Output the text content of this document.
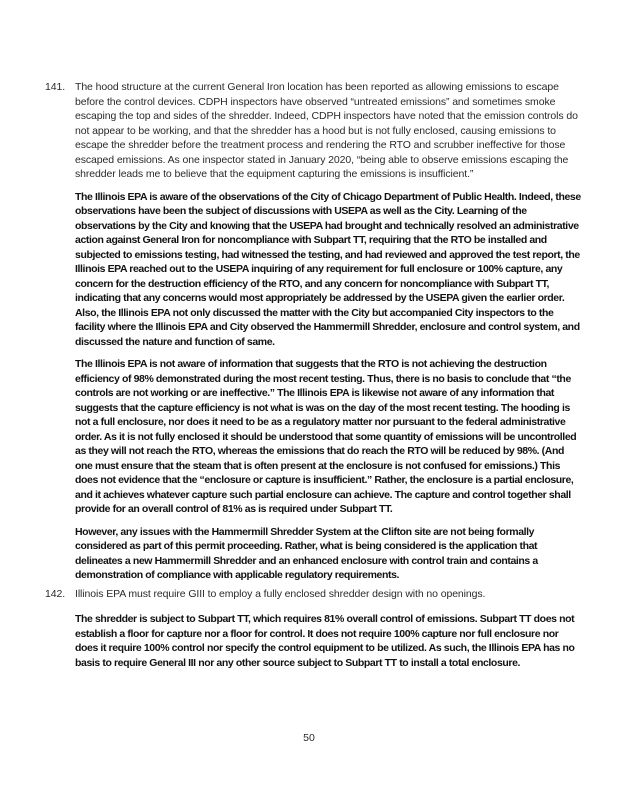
141. The hood structure at the current General Iron location has been reported as allowing emissions to escape before the control devices. CDPH inspectors have observed “untreated emissions” and sometimes smoke escaping the top and sides of the shredder. Indeed, CDPH inspectors have noted that the emission controls do not appear to be working, and that the shredder has a hood but is not fully enclosed, causing emissions to escape the shredder before the treatment process and rendering the RTO and scrubber ineffective for those escaped emissions. As one inspector stated in January 2020, “being able to observe emissions escaping the shredder leads me to believe that the equipment capturing the emissions is insufficient.”

The Illinois EPA is aware of the observations of the City of Chicago Department of Public Health. Indeed, these observations have been the subject of discussions with USEPA as well as the City. Learning of the observations by the City and knowing that the USEPA had brought and technically resolved an administrative action against General Iron for noncompliance with Subpart TT, requiring that the RTO be installed and subjected to emissions testing, had witnessed the testing, and had reviewed and approved the test report, the Illinois EPA reached out to the USEPA inquiring of any requirement for full enclosure or 100% capture, any concern for the destruction efficiency of the RTO, and any concern for noncompliance with Subpart TT, indicating that any concerns would most appropriately be addressed by the USEPA given the earlier order. Also, the Illinois EPA not only discussed the matter with the City but accompanied City inspectors to the facility where the Illinois EPA and City observed the Hammermill Shredder, enclosure and control system, and discussed the nature and function of same.

The Illinois EPA is not aware of information that suggests that the RTO is not achieving the destruction efficiency of 98% demonstrated during the most recent testing. Thus, there is no basis to conclude that “the controls are not working or are ineffective.” The Illinois EPA is likewise not aware of any information that suggests that the capture efficiency is not what is was on the day of the most recent testing. The hooding is not a full enclosure, nor does it need to be as a regulatory matter nor pursuant to the federal administrative order. As it is not fully enclosed it should be understood that some quantity of emissions will be uncontrolled as they will not reach the RTO, whereas the emissions that do reach the RTO will be reduced by 98%. (And one must ensure that the steam that is often present at the enclosure is not confused for emissions.) This does not evidence that the “enclosure or capture is insufficient.” Rather, the enclosure is a partial enclosure, and it achieves whatever capture such partial enclosure can achieve. The capture and control together shall provide for an overall control of 81% as is required under Subpart TT.

However, any issues with the Hammermill Shredder System at the Clifton site are not being formally considered as part of this permit proceeding. Rather, what is being considered is the application that delineates a new Hammermill Shredder and an enhanced enclosure with control train and contains a demonstration of compliance with applicable regulatory requirements.

142. Illinois EPA must require GIII to employ a fully enclosed shredder design with no openings.

The shredder is subject to Subpart TT, which requires 81% overall control of emissions. Subpart TT does not establish a floor for capture nor a floor for control. It does not require 100% capture nor full enclosure nor does it require 100% control nor specify the control equipment to be utilized. As such, the Illinois EPA has no basis to require General III nor any other source subject to Subpart TT to install a total enclosure.

50
